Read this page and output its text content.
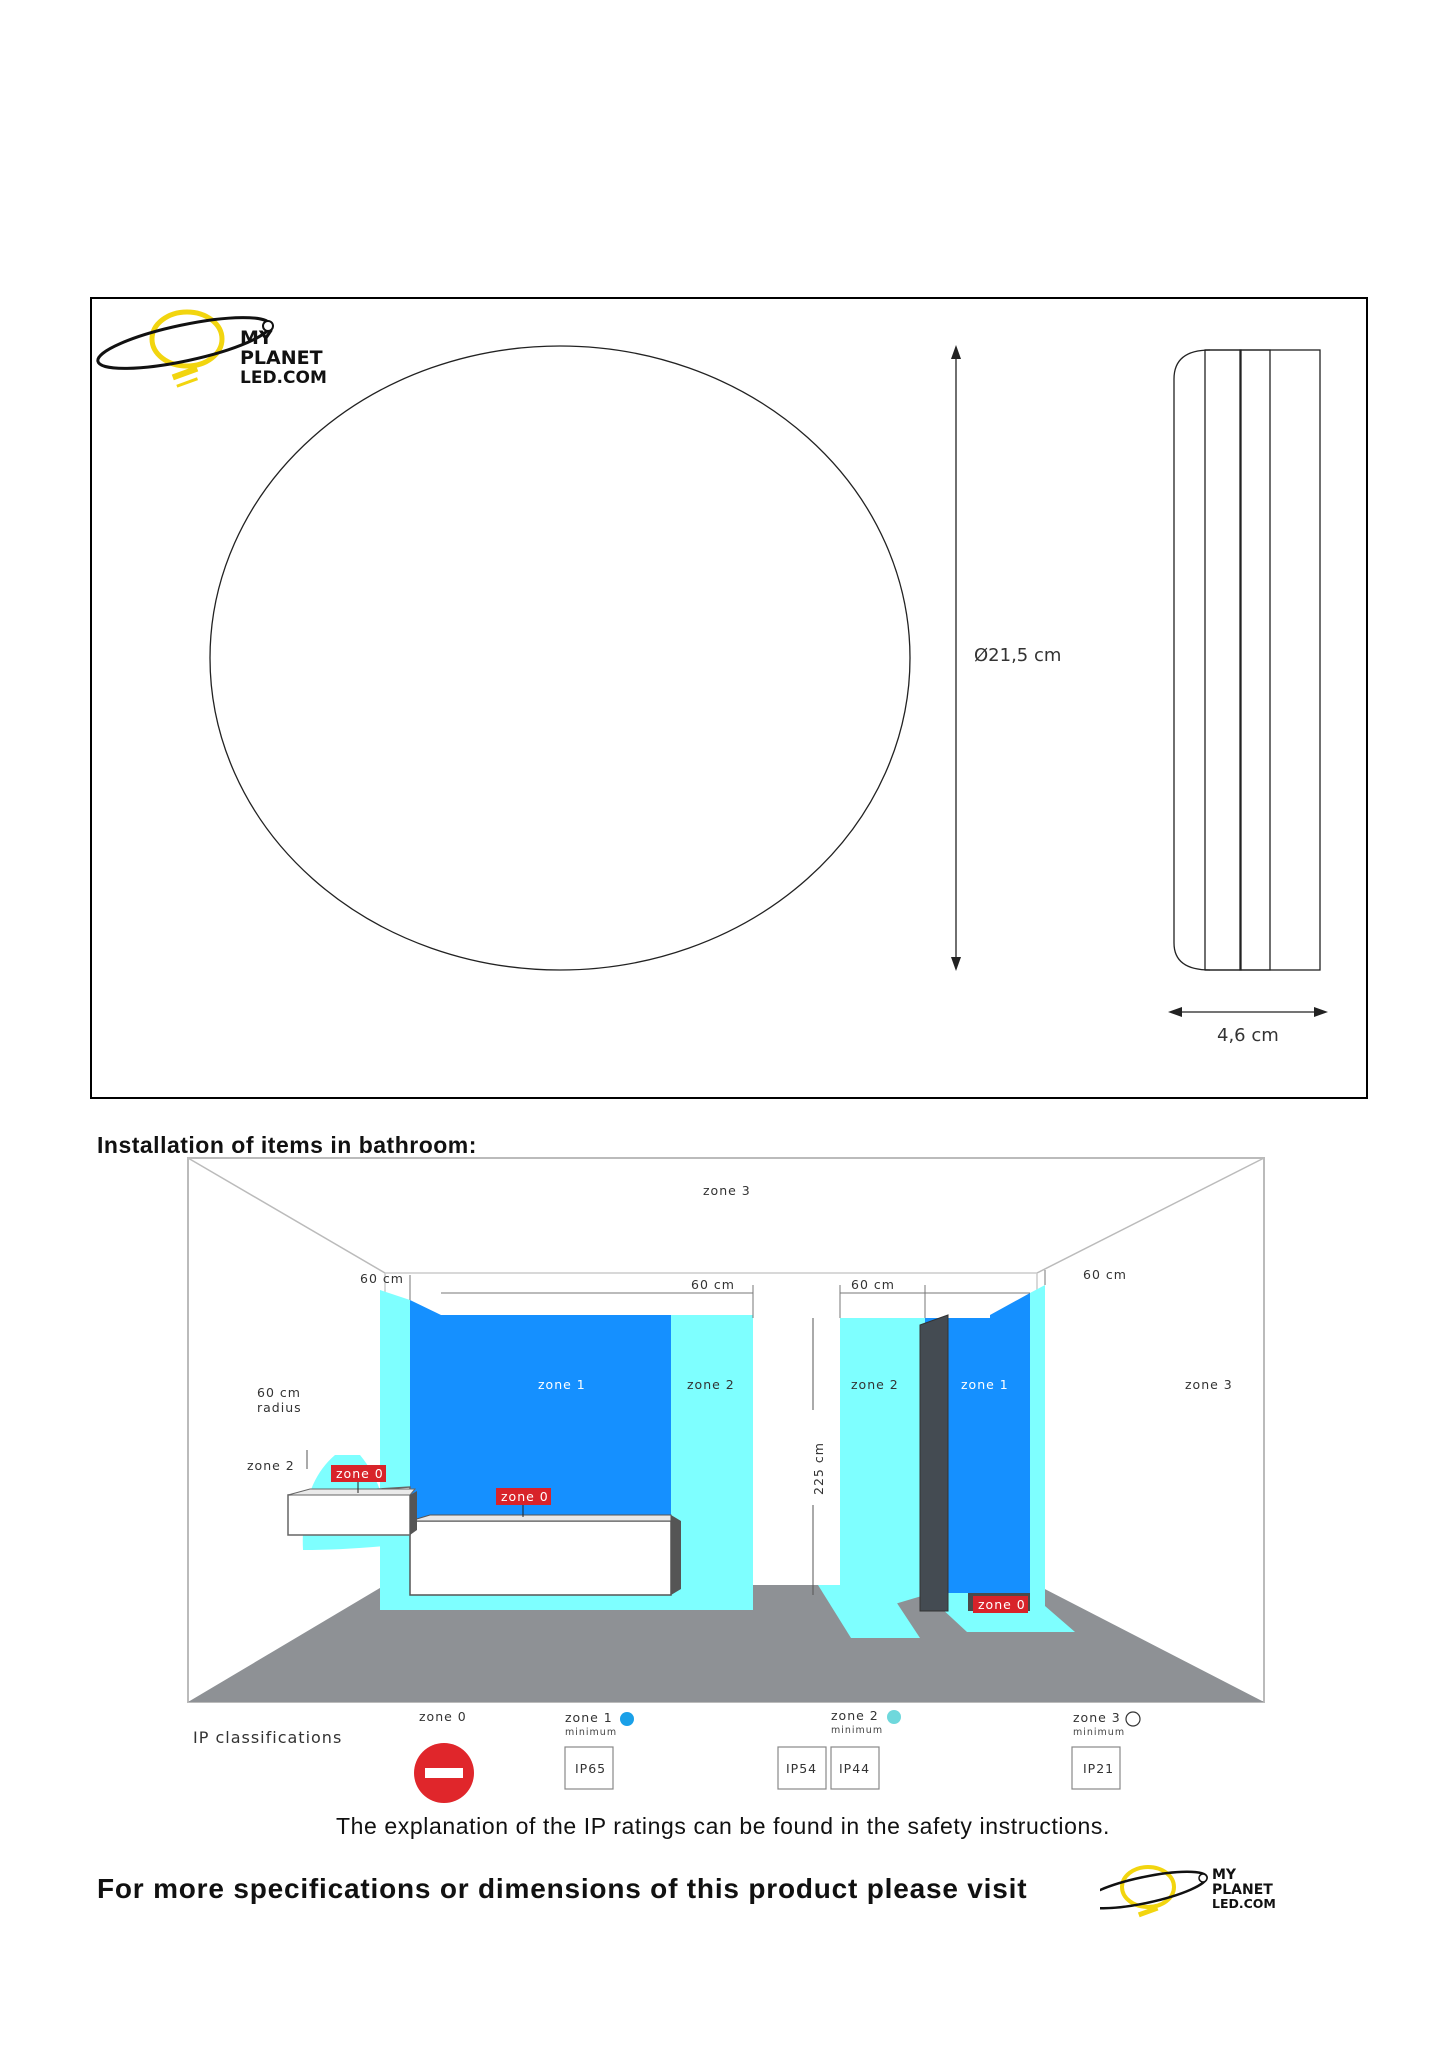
MY
PLANET
LED.COM
Ø21,5 cm
4,6 cm
Installation of items in bathroom:
225 cm
zone 3
zone 3
60 cm	60 cm	60 cm
60 cm
zone 1	zone 2	zone 2	zone 1
60 cm
radius
zone 2
zone 0
zone 0
zone 0
IP classifications
zone 0	zone 1
minimum
IP65
zone 2
minimum
IP54 IP44
zone 3
minimum
IP21
The explanation of the IP ratings can be found in the safety instructions.
For more specifications or dimensions of this product please visit	MY
PLANET
LED.COM
